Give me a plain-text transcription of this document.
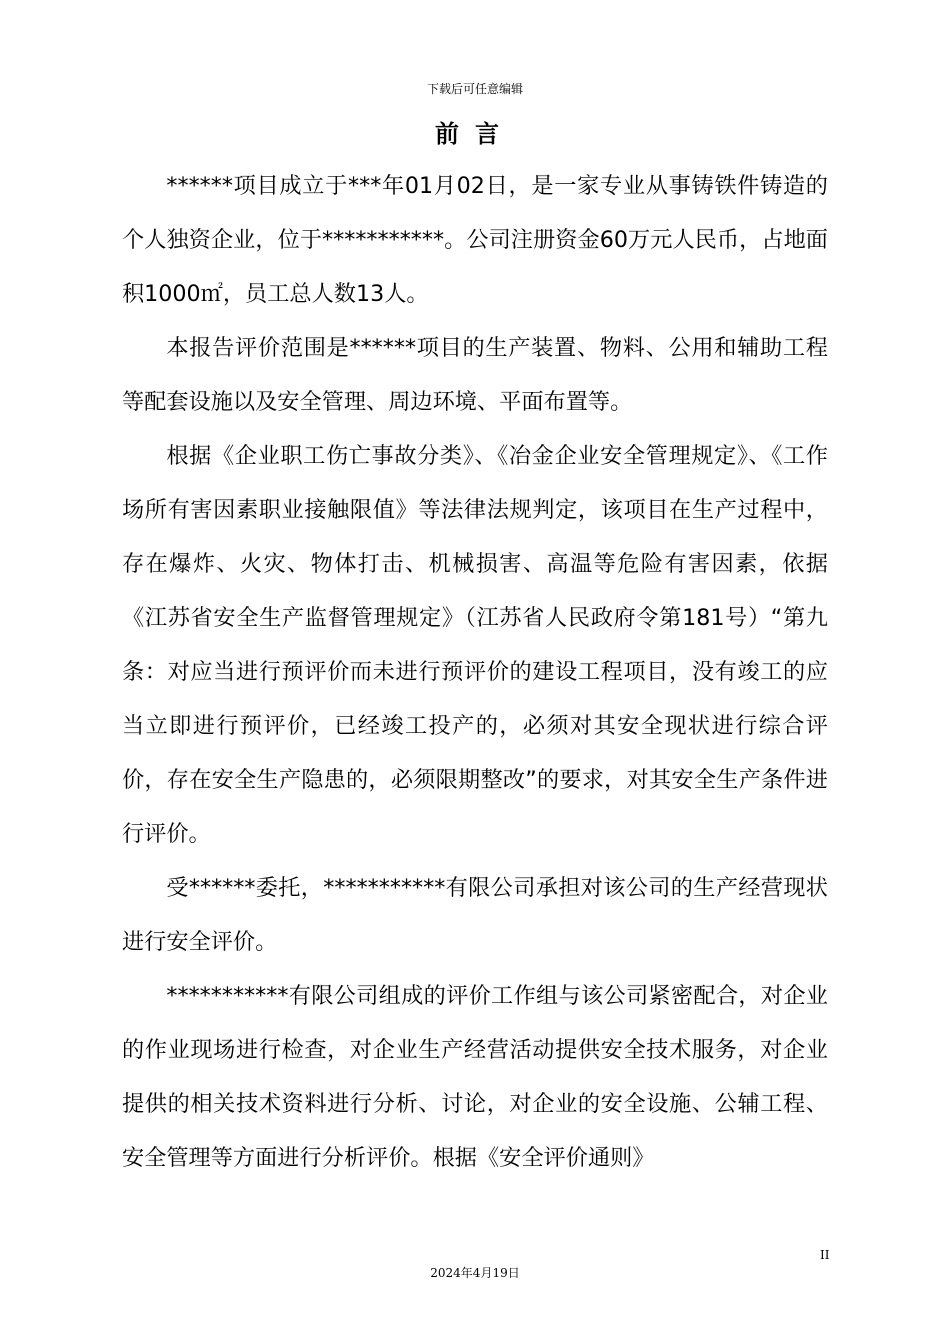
下载后可任意编辑
前言

******项目成立于***年01月02日，是一家专业从事铸铁件铸造的个人独资企业，位于***********。公司注册资金60万元人民币，占地面积1000㎡，员工总人数13人。

本报告评价范围是******项目的生产装置、物料、公用和辅助工程等配套设施以及安全管理、周边环境、平面布置等。

根据《企业职工伤亡事故分类》、《冶金企业安全管理规定》、《工作场所有害因素职业接触限值》等法律法规判定，该项目在生产过程中，存在爆炸、火灾、物体打击、机械损害、高温等危险有害因素，依据《江苏省安全生产监督管理规定》（江苏省人民政府令第181号）“第九条：对应当进行预评价而未进行预评价的建设工程项目，没有竣工的应当立即进行预评价，已经竣工投产的，必须对其安全现状进行综合评价，存在安全生产隐患的，必须限期整改”的要求，对其安全生产条件进行评价。

受******委托，***********有限公司承担对该公司的生产经营现状进行安全评价。

***********有限公司组成的评价工作组与该公司紧密配合，对企业的作业现场进行检查，对企业生产经营活动提供安全技术服务，对企业提供的相关技术资料进行分析、讨论，对企业的安全设施、公辅工程、安全管理等方面进行分析评价。根据《安全评价通则》

II
2024年4月19日
